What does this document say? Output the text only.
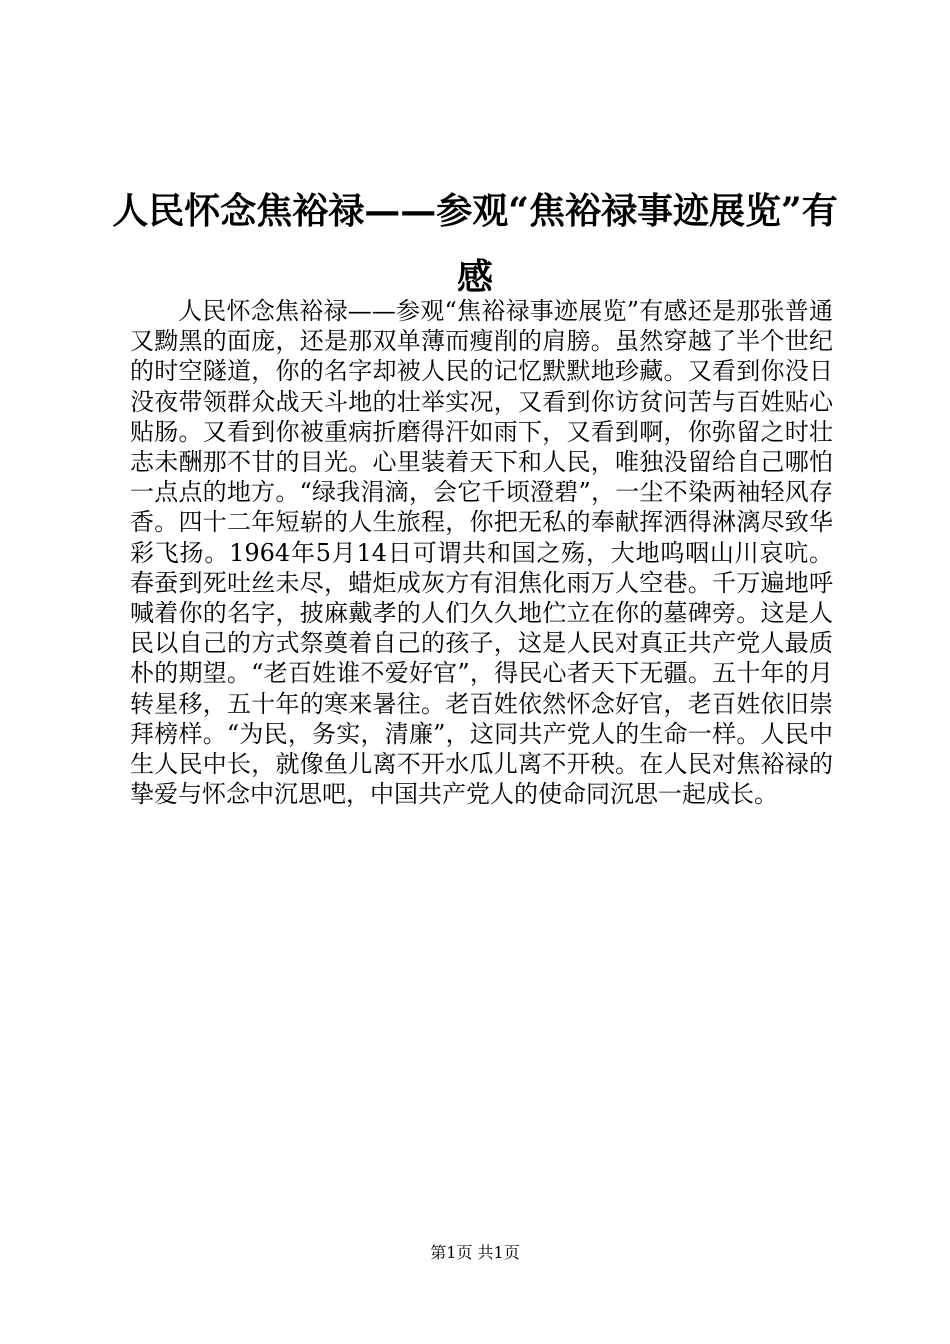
人民怀念焦裕禄——参观“焦裕禄事迹展览”有感

人民怀念焦裕禄——参观“焦裕禄事迹展览”有感还是那张普通又黝黑的面庞，还是那双单薄而瘦削的肩膀。虽然穿越了半个世纪的时空隧道，你的名字却被人民的记忆默默地珍藏。又看到你没日没夜带领群众战天斗地的壮举实况，又看到你访贫问苦与百姓贴心贴肠。又看到你被重病折磨得汗如雨下，又看到啊，你弥留之时壮志未酬那不甘的目光。心里装着天下和人民，唯独没留给自己哪怕一点点的地方。“绿我涓滴，会它千顷澄碧”，一尘不染两袖轻风存香。四十二年短崭的人生旅程，你把无私的奉献挥洒得淋漓尽致华彩飞扬。1964年5月14日可谓共和国之殇，大地呜咽山川哀吭。春蚕到死吐丝未尽，蜡炬成灰方有泪焦化雨万人空巷。千万遍地呼喊着你的名字，披麻戴孝的人们久久地伫立在你的墓碑旁。这是人民以自己的方式祭奠着自己的孩子，这是人民对真正共产党人最质朴的期望。“老百姓谁不爱好官”，得民心者天下无疆。五十年的月转星移，五十年的寒来暑往。老百姓依然怀念好官，老百姓依旧崇拜榜样。“为民，务实，清廉”，这同共产党人的生命一样。人民中生人民中长，就像鱼儿离不开水瓜儿离不开秧。在人民对焦裕禄的挚爱与怀念中沉思吧，中国共产党人的使命同沉思一起成长。

第1页 共1页
